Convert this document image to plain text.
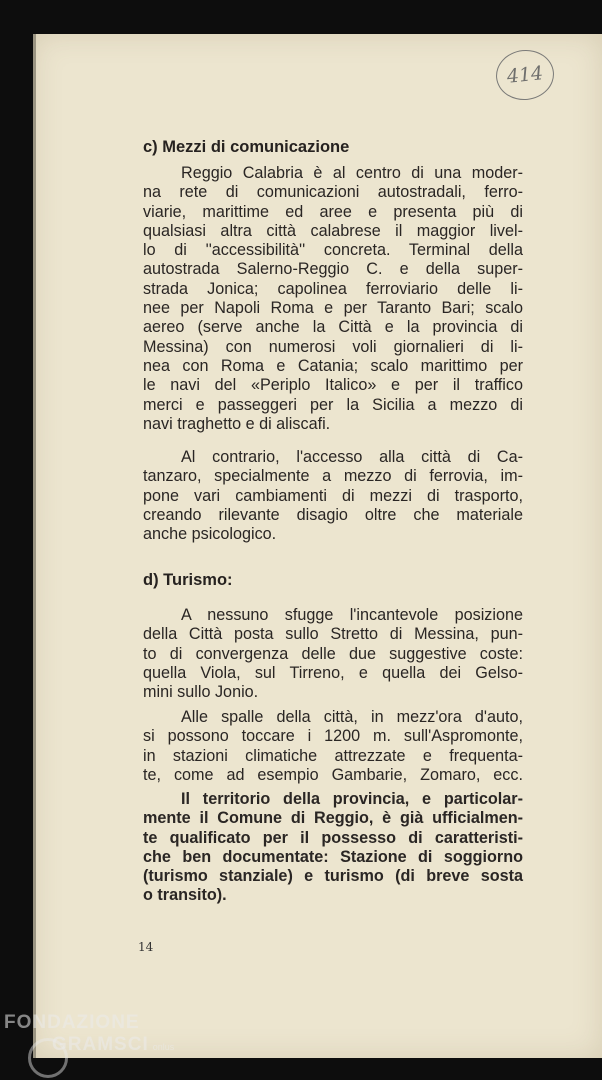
414
c) Mezzi di comunicazione
Reggio Calabria è al centro di una moder-
na rete di comunicazioni autostradali, ferro-
viarie, marittime ed aree e presenta più di
qualsiasi altra città calabrese il maggior livel-
lo di ''accessibilità'' concreta. Terminal della
autostrada Salerno-Reggio C. e della super-
strada Jonica; capolinea ferroviario delle li-
nee per Napoli Roma e per Taranto Bari; scalo
aereo (serve anche la Città e la provincia di
Messina) con numerosi voli giornalieri di li-
nea con Roma e Catania; scalo marittimo per
le navi del «Periplo Italico» e per il traffico
merci e passeggeri per la Sicilia a mezzo di
navi traghetto e di aliscafi.
Al contrario, l'accesso alla città di Ca-
tanzaro, specialmente a mezzo di ferrovia, im-
pone vari cambiamenti di mezzi di trasporto,
creando rilevante disagio oltre che materiale
anche psicologico.
d) Turismo:
A nessuno sfugge l'incantevole posizione
della Città posta sullo Stretto di Messina, pun-
to di convergenza delle due suggestive coste:
quella Viola, sul Tirreno, e quella dei Gelso-
mini sullo Jonio.
Alle spalle della città, in mezz'ora d'auto,
si possono toccare i 1200 m. sull'Aspromonte,
in stazioni climatiche attrezzate e frequenta-
te, come ad esempio Gambarie, Zomaro, ecc.
Il territorio della provincia, e particolar-
mente il Comune di Reggio, è già ufficialmen-
te qualificato per il possesso di caratteristi-
che ben documentate: Stazione di soggiorno
(turismo stanziale) e turismo (di breve sosta
o transito).
14
FONDAZIONE
GRAMSCI onlus
